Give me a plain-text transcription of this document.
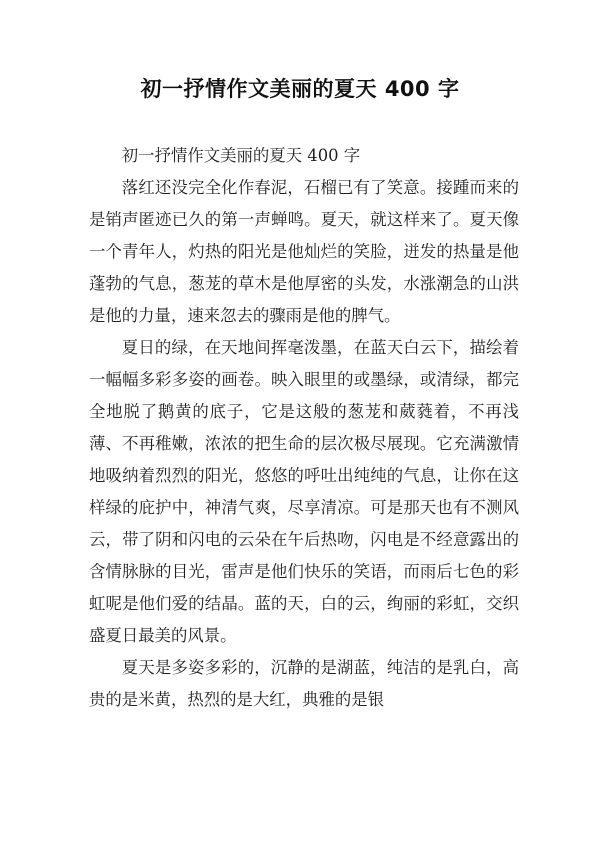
初一抒情作文美丽的夏天 400 字

初一抒情作文美丽的夏天 400 字

落红还没完全化作春泥，石榴已有了笑意。接踵而来的是销声匿迹已久的第一声蝉鸣。夏天，就这样来了。夏天像一个青年人，灼热的阳光是他灿烂的笑脸，迸发的热量是他蓬勃的气息，葱茏的草木是他厚密的头发，水涨潮急的山洪是他的力量，速来忽去的骤雨是他的脾气。

夏日的绿，在天地间挥毫泼墨，在蓝天白云下，描绘着一幅幅多彩多姿的画卷。映入眼里的或墨绿，或清绿，都完全地脱了鹅黄的底子，它是这般的葱茏和葳蕤着，不再浅薄、不再稚嫩，浓浓的把生命的层次极尽展现。它充满激情地吸纳着烈烈的阳光，悠悠的呼吐出纯纯的气息，让你在这样绿的庇护中，神清气爽，尽享清凉。可是那天也有不测风云，带了阴和闪电的云朵在午后热吻，闪电是不经意露出的含情脉脉的目光，雷声是他们快乐的笑语，而雨后七色的彩虹呢是他们爱的结晶。蓝的天，白的云，绚丽的彩虹，交织盛夏日最美的风景。

夏天是多姿多彩的，沉静的是湖蓝，纯洁的是乳白，高贵的是米黄，热烈的是大红，典雅的是银
